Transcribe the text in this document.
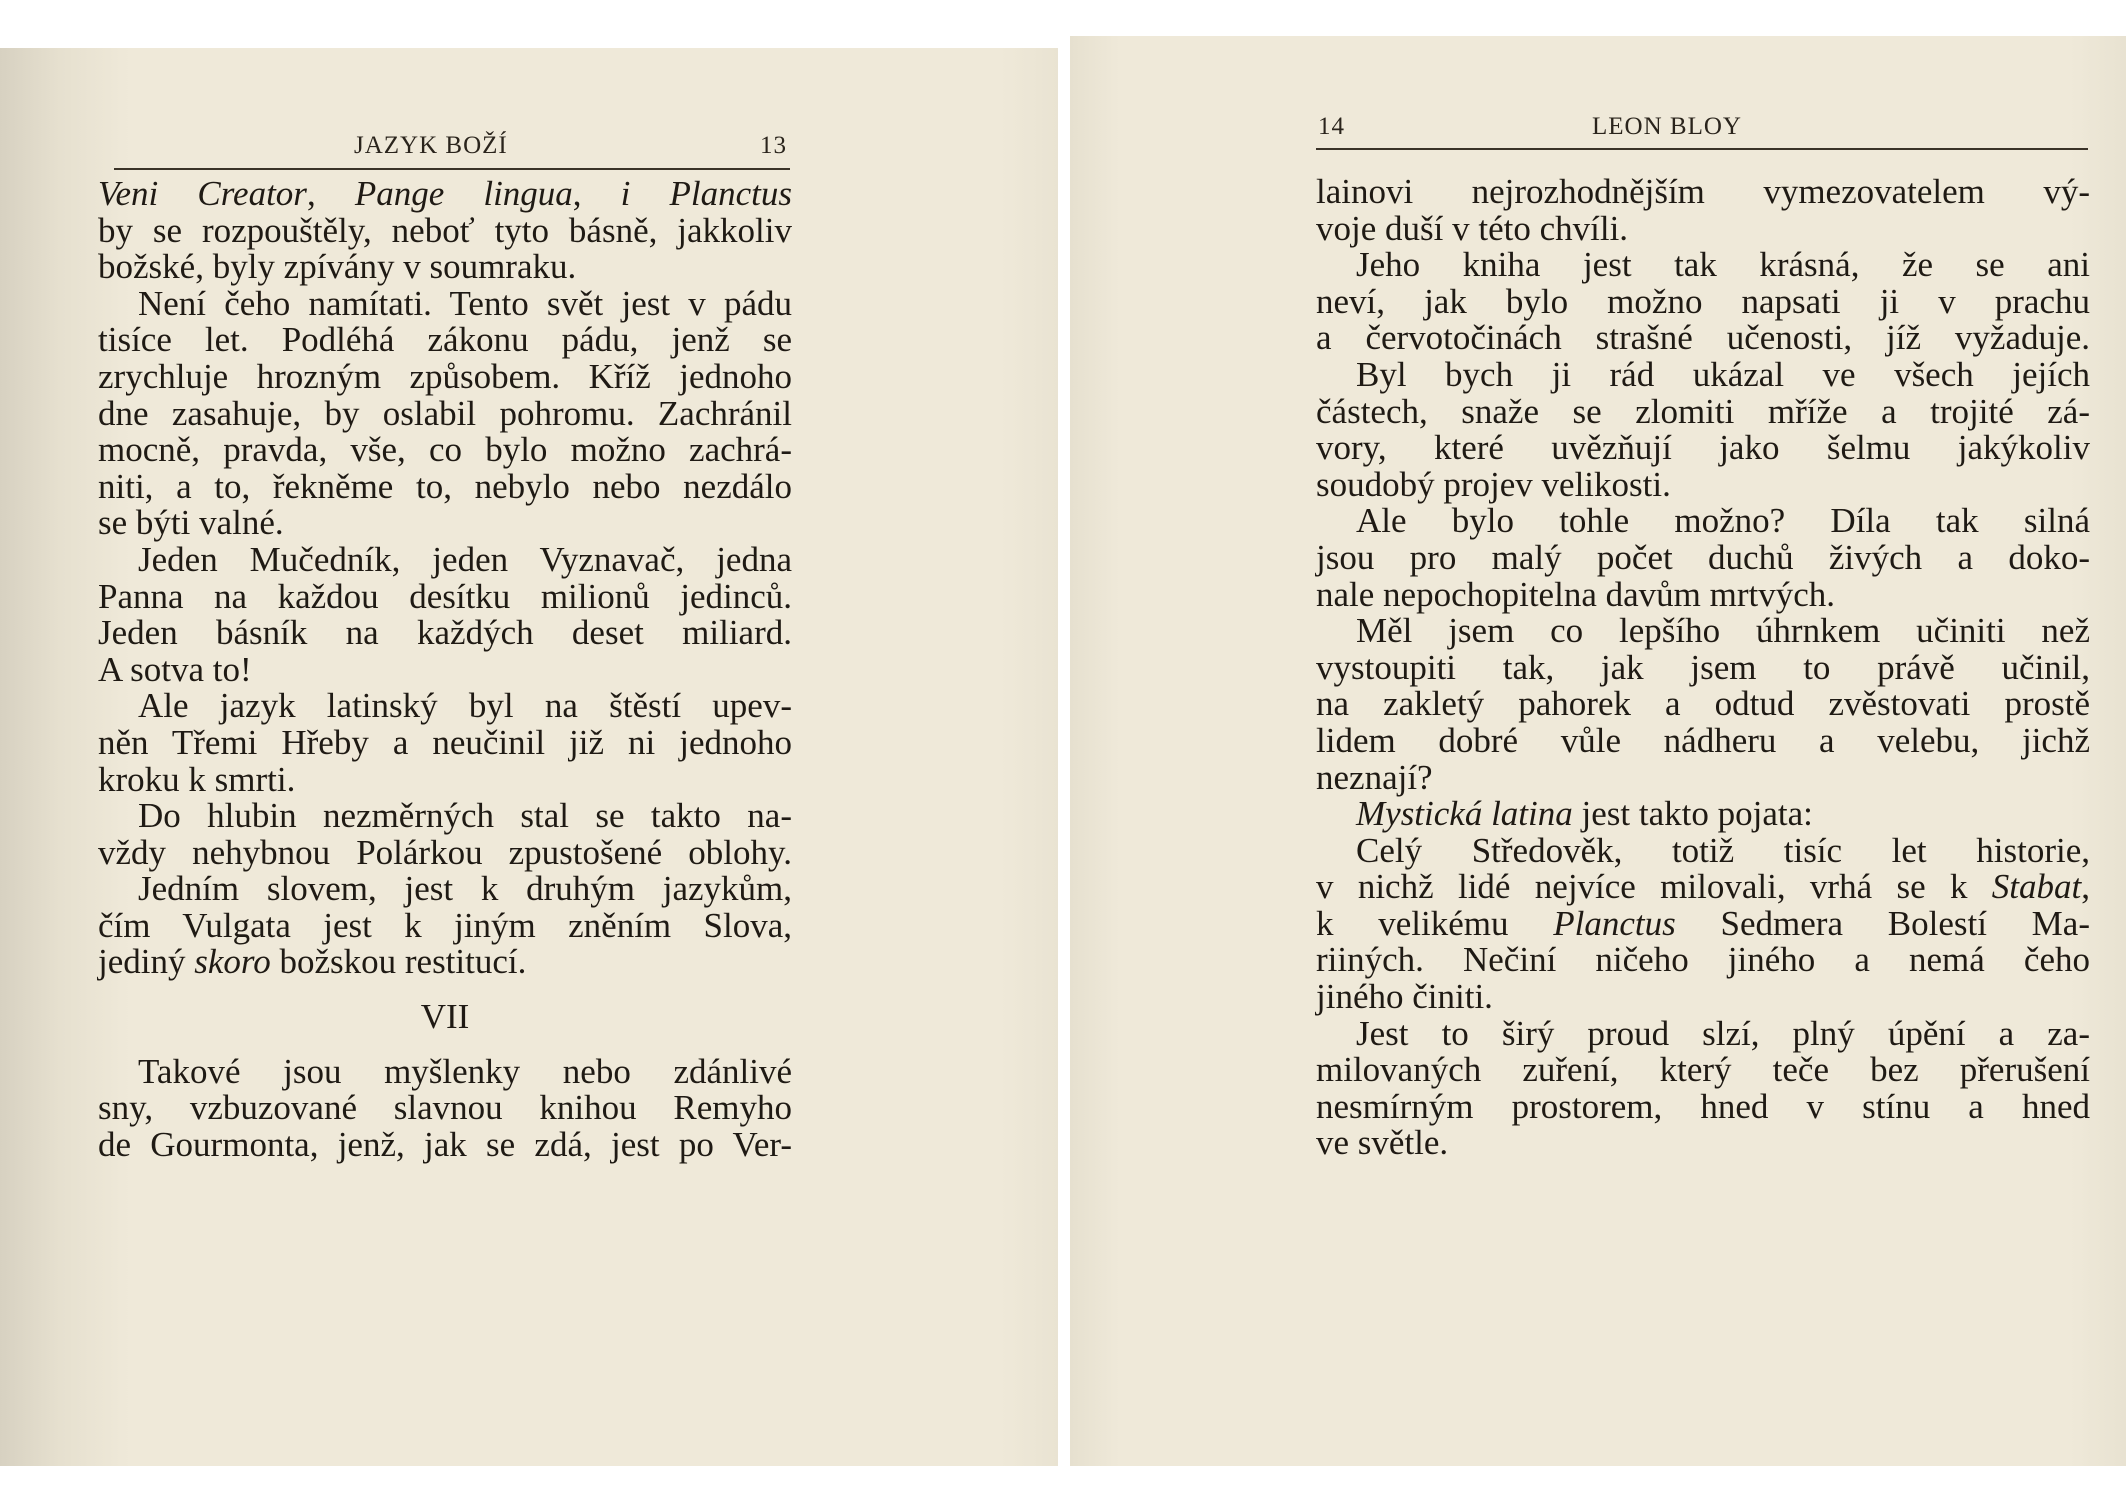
JAZYK BOŽÍ	13
Veni Creator, Pange lingua, i Planctus
by se rozpouštěly, neboť tyto básně, jakkoliv
božské, byly zpívány v soumraku.
Není čeho namítati. Tento svět jest v pádu
tisíce let. Podléhá zákonu pádu, jenž se
zrychluje hrozným způsobem. Kříž jednoho
dne zasahuje, by oslabil pohromu. Zachránil
mocně, pravda, vše, co bylo možno zachrá-
niti, a to, řekněme to, nebylo nebo nezdálo
se býti valné.
Jeden Mučedník, jeden Vyznavač, jedna
Panna na každou desítku milionů jedinců.
Jeden básník na každých deset miliard.
A sotva to!
Ale jazyk latinský byl na štěstí upev-
něn Třemi Hřeby a neučinil již ni jednoho
kroku k smrti.
Do hlubin nezměrných stal se takto na-
vždy nehybnou Polárkou zpustošené oblohy.
Jedním slovem, jest k druhým jazykům,
čím Vulgata jest k jiným zněním Slova,
jediný skoro božskou restitucí.
VII
Takové jsou myšlenky nebo zdánlivé
sny, vzbuzované slavnou knihou Remyho
de Gourmonta, jenž, jak se zdá, jest po Ver-
14	LEON BLOY
lainovi nejrozhodnějším vymezovatelem vý-
voje duší v této chvíli.
Jeho kniha jest tak krásná, že se ani
neví, jak bylo možno napsati ji v prachu
a červotočinách strašné učenosti, jíž vyžaduje.
Byl bych ji rád ukázal ve všech jejích
částech, snaže se zlomiti mříže a trojité zá-
vory, které uvězňují jako šelmu jakýkoliv
soudobý projev velikosti.
Ale bylo tohle možno? Díla tak silná
jsou pro malý počet duchů živých a doko-
nale nepochopitelna davům mrtvých.
Měl jsem co lepšího úhrnkem učiniti než
vystoupiti tak, jak jsem to právě učinil,
na zakletý pahorek a odtud zvěstovati prostě
lidem dobré vůle nádheru a velebu, jichž
neznají?
Mystická latina jest takto pojata:
Celý Středověk, totiž tisíc let historie,
v nichž lidé nejvíce milovali, vrhá se k Stabat,
k velikému Planctus Sedmera Bolestí Ma-
riiných. Nečiní ničeho jiného a nemá čeho
jiného činiti.
Jest to širý proud slzí, plný úpění a za-
milovaných zuření, který teče bez přerušení
nesmírným prostorem, hned v stínu a hned
ve světle.
